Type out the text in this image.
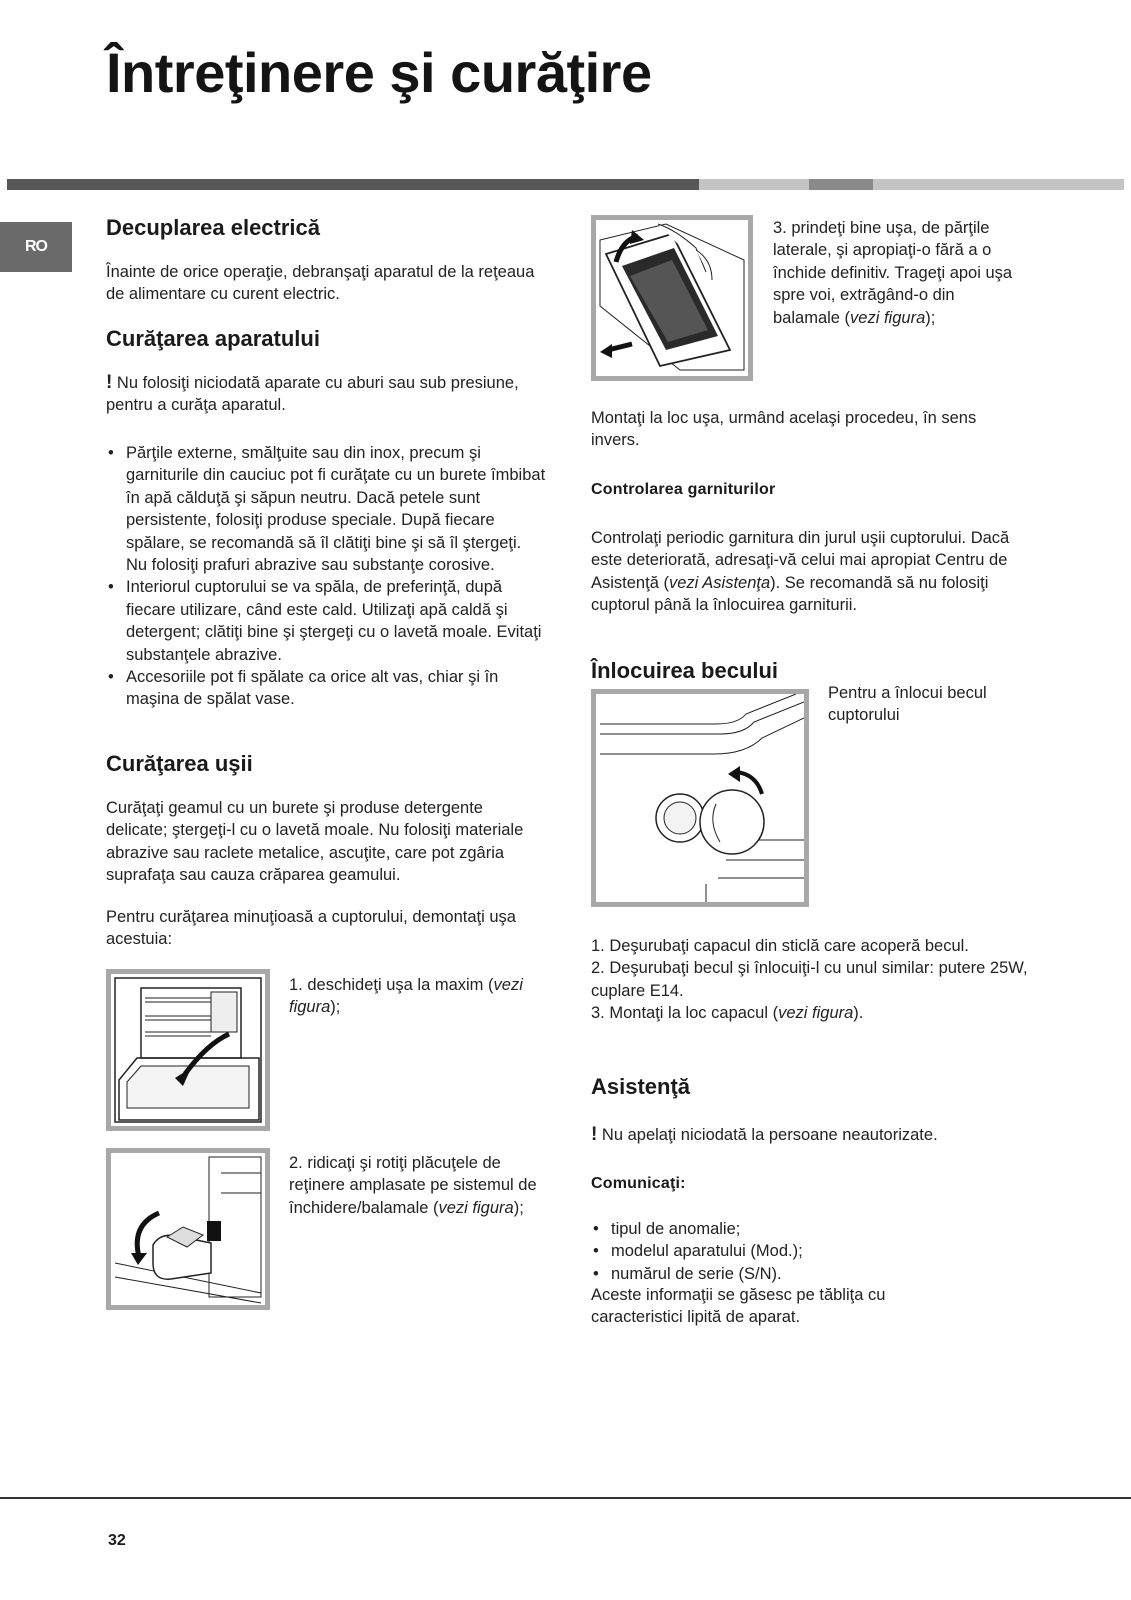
Întreţinere şi curăţire
RO
Decuplarea electrică

Înainte de orice operaţie, debranşaţi aparatul de la reţeaua de alimentare cu curent electric.

Curăţarea aparatului

! Nu folosiţi niciodată aparate cu aburi sau sub presiune, pentru a curăţa aparatul.

• Părţile externe, smălţuite sau din inox, precum şi garniturile din cauciuc pot fi curăţate cu un burete îmbibat în apă călduţă şi săpun neutru. Dacă petele sunt persistente, folosiţi produse speciale. După fiecare spălare, se recomandă să îl clătiţi bine şi să îl ştergeţi. Nu folosiţi prafuri abrazive sau substanţe corosive.
• Interiorul cuptorului se va spăla, de preferinţă, după fiecare utilizare, când este cald. Utilizaţi apă caldă şi detergent; clătiţi bine şi ştergeţi cu o lavetă moale. Evitaţi substanţele abrazive.
• Accesoriile pot fi spălate ca orice alt vas, chiar şi în maşina de spălat vase.
Curăţarea uşii

Curăţaţi geamul cu un burete şi produse detergente delicate; ştergeţi-l cu o lavetă moale. Nu folosiţi materiale abrazive sau raclete metalice, ascuţite, care pot zgâria suprafaţa sau cauza crăparea geamului.

Pentru curăţarea minuţioasă a cuptorului, demontaţi uşa acestuia:

1. deschideţi uşa la maxim (vezi figura);

2. ridicaţi şi rotiţi plăcuţele de reţinere amplasate pe sistemul de închidere/balamale (vezi figura);

3. prindeţi bine uşa, de părţile laterale, şi apropiaţi-o fără a o închide definitiv. Trageţi apoi uşa spre voi, extrăgând-o din balamale (vezi figura);

Montaţi la loc uşa, urmând acelaşi procedeu, în sens invers.

Controlarea garniturilor

Controlaţi periodic garnitura din jurul uşii cuptorului. Dacă este deteriorată, adresaţi-vă celui mai apropiat Centru de Asistenţă (vezi Asistenţa). Se recomandă să nu folosiţi cuptorul până la înlocuirea garniturii.

Înlocuirea becului

Pentru a înlocui becul cuptorului

1. Deşurubaţi capacul din sticlă care acoperă becul.

2. Deşurubaţi becul şi înlocuiţi-l cu unul similar: putere 25W, cuplare E14.

3. Montaţi la loc capacul (vezi figura).

Asistenţă

! Nu apelaţi niciodată la persoane neautorizate.

Comunicaţi:
• tipul de anomalie;
• modelul aparatului (Mod.);
• numărul de serie (S/N).

Aceste informaţii se găsesc pe tăbliţa cu caracteristici lipită de aparat.

32
